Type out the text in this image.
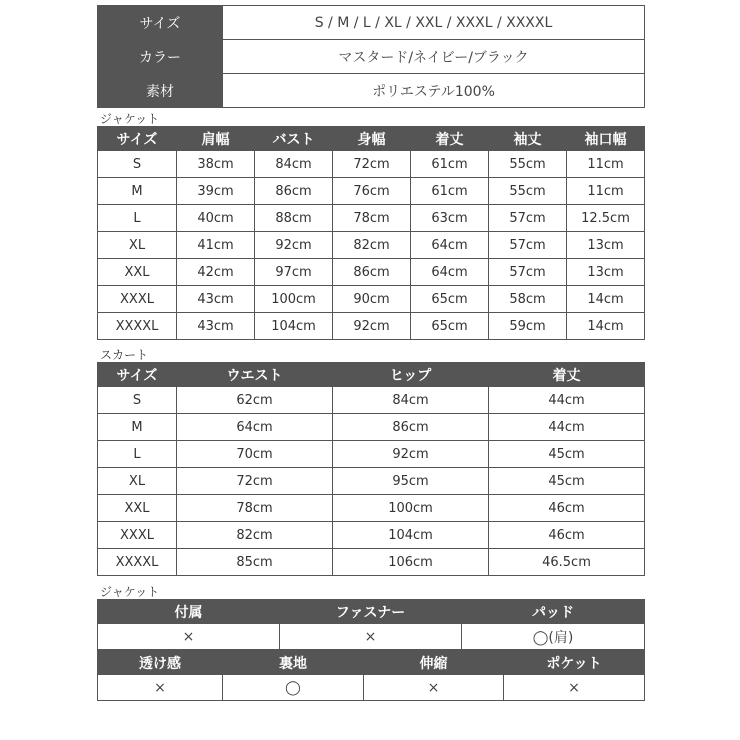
サイズ	S / M / L / XL / XXL / XXXL / XXXXL
カラー	マスタード/ネイビー/ブラック
素材	ポリエステル100%
ジャケット
サイズ	肩幅	バスト	身幅	着丈	袖丈	袖口幅
S	38cm	84cm	72cm	61cm	55cm	11cm
M	39cm	86cm	76cm	61cm	55cm	11cm
L	40cm	88cm	78cm	63cm	57cm	12.5cm
XL	41cm	92cm	82cm	64cm	57cm	13cm
XXL	42cm	97cm	86cm	64cm	57cm	13cm
XXXL	43cm	100cm	90cm	65cm	58cm	14cm
XXXXL	43cm	104cm	92cm	65cm	59cm	14cm
スカート
サイズ	ウエスト	ヒップ	着丈
S	62cm	84cm	44cm
M	64cm	86cm	44cm
L	70cm	92cm	45cm
XL	72cm	95cm	45cm
XXL	78cm	100cm	46cm
XXXL	82cm	104cm	46cm
XXXXL	85cm	106cm	46.5cm
ジャケット
付属	ファスナー	パッド
×	×	◯(肩)
透け感	裏地	伸縮	ポケット
×	◯	×	×
